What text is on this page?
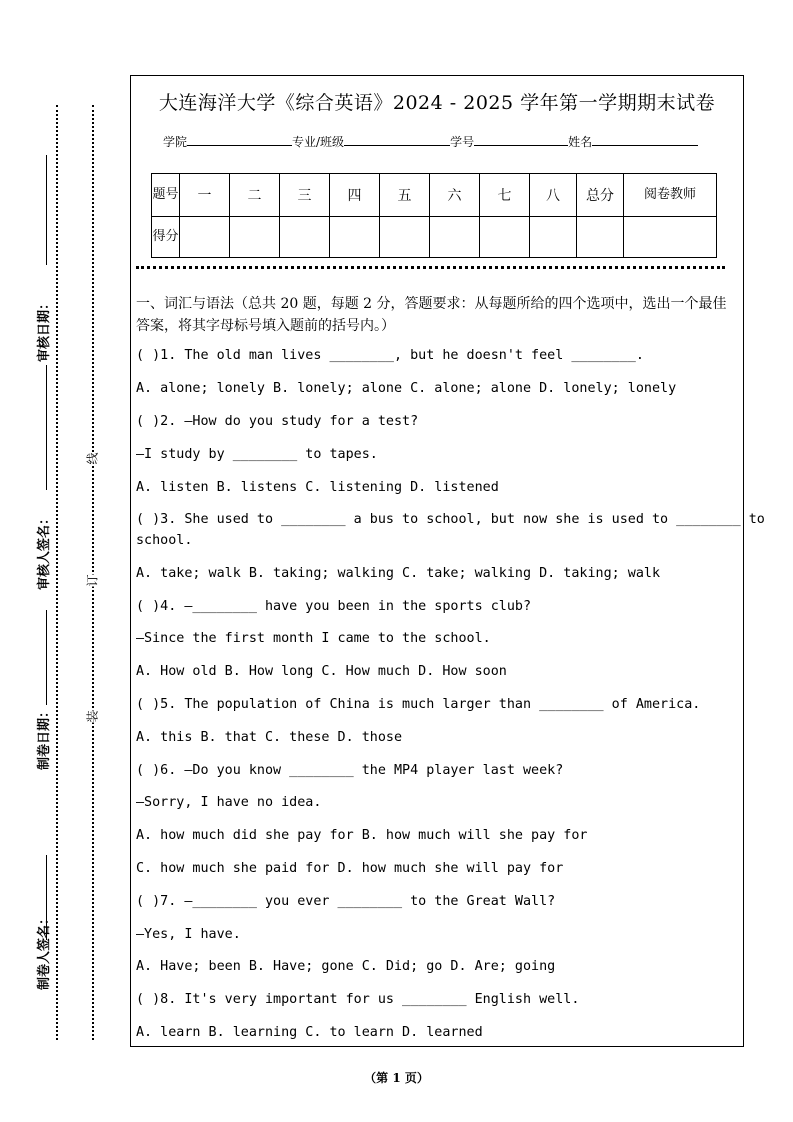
审核日期：
审核人签名：
制卷日期：
制卷人签名：
线
订
装
大连海洋大学《综合英语》2024 - 2025 学年第一学期期末试卷
学院	专业/班级	学号	姓名
题号	一	二	三	四	五	六	七	八	总分	阅卷教师
得分										
一、词汇与语法（总共 20 题，每题 2 分，答题要求：从每题所给的四个选项中，选出一个最佳答案，将其字母标号填入题前的括号内。）
( )1. The old man lives ________, but he doesn't feel ________.
A. alone; lonely B. lonely; alone C. alone; alone D. lonely; lonely
( )2. —How do you study for a test?
—I study by ________ to tapes.
A. listen B. listens C. listening D. listened
( )3. She used to ________ a bus to school, but now she is used to ________ to
school.
A. take; walk B. taking; walking C. take; walking D. taking; walk
( )4. —________ have you been in the sports club?
—Since the first month I came to the school.
A. How old B. How long C. How much D. How soon
( )5. The population of China is much larger than ________ of America.
A. this B. that C. these D. those
( )6. —Do you know ________ the MP4 player last week?
—Sorry, I have no idea.
A. how much did she pay for B. how much will she pay for
C. how much she paid for D. how much she will pay for
( )7. —________ you ever ________ to the Great Wall?
—Yes, I have.
A. Have; been B. Have; gone C. Did; go D. Are; going
( )8. It's very important for us ________ English well.
A. learn B. learning C. to learn D. learned
（第 1 页）
